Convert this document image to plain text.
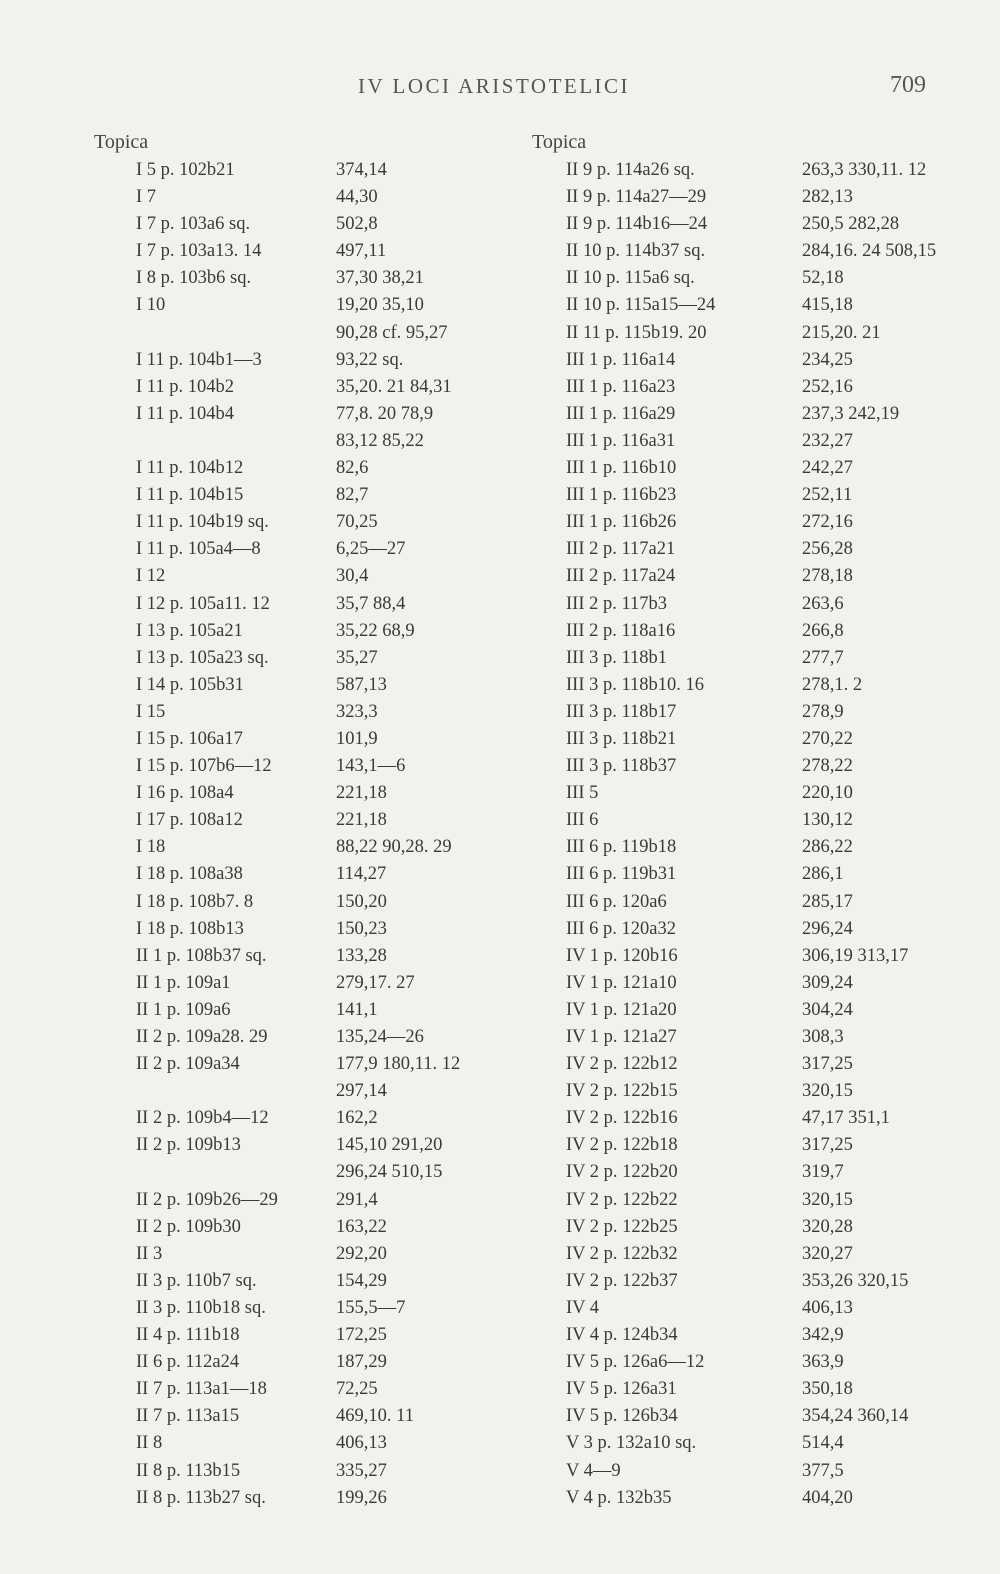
IV LOCI ARISTOTELICI	709
Topica
I 5 p. 102b21	374,14
I 7	44,30
I 7 p. 103a6 sq.	502,8
I 7 p. 103a13. 14	497,11
I 8 p. 103b6 sq.	37,30 38,21
I 10	19,20 35,10
90,28 cf. 95,27
I 11 p. 104b1—3	93,22 sq.
I 11 p. 104b2	35,20. 21 84,31
I 11 p. 104b4	77,8. 20 78,9
83,12 85,22
I 11 p. 104b12	82,6
I 11 p. 104b15	82,7
I 11 p. 104b19 sq.	70,25
I 11 p. 105a4—8	6,25—27
I 12	30,4
I 12 p. 105a11. 12	35,7 88,4
I 13 p. 105a21	35,22 68,9
I 13 p. 105a23 sq.	35,27
I 14 p. 105b31	587,13
I 15	323,3
I 15 p. 106a17	101,9
I 15 p. 107b6—12	143,1—6
I 16 p. 108a4	221,18
I 17 p. 108a12	221,18
I 18	88,22 90,28. 29
I 18 p. 108a38	114,27
I 18 p. 108b7. 8	150,20
I 18 p. 108b13	150,23
II 1 p. 108b37 sq.	133,28
II 1 p. 109a1	279,17. 27
II 1 p. 109a6	141,1
II 2 p. 109a28. 29	135,24—26
II 2 p. 109a34	177,9 180,11. 12
297,14
II 2 p. 109b4—12	162,2
II 2 p. 109b13	145,10 291,20
296,24 510,15
II 2 p. 109b26—29	291,4
II 2 p. 109b30	163,22
II 3	292,20
II 3 p. 110b7 sq.	154,29
II 3 p. 110b18 sq.	155,5—7
II 4 p. 111b18	172,25
II 6 p. 112a24	187,29
II 7 p. 113a1—18	72,25
II 7 p. 113a15	469,10. 11
II 8	406,13
II 8 p. 113b15	335,27
II 8 p. 113b27 sq.	199,26
Topica
II 9 p. 114a26 sq.	263,3 330,11. 12
II 9 p. 114a27—29	282,13
II 9 p. 114b16—24	250,5 282,28
II 10 p. 114b37 sq.	284,16. 24 508,15
II 10 p. 115a6 sq.	52,18
II 10 p. 115a15—24	415,18
II 11 p. 115b19. 20	215,20. 21
III 1 p. 116a14	234,25
III 1 p. 116a23	252,16
III 1 p. 116a29	237,3 242,19
III 1 p. 116a31	232,27
III 1 p. 116b10	242,27
III 1 p. 116b23	252,11
III 1 p. 116b26	272,16
III 2 p. 117a21	256,28
III 2 p. 117a24	278,18
III 2 p. 117b3	263,6
III 2 p. 118a16	266,8
III 3 p. 118b1	277,7
III 3 p. 118b10. 16	278,1. 2
III 3 p. 118b17	278,9
III 3 p. 118b21	270,22
III 3 p. 118b37	278,22
III 5	220,10
III 6	130,12
III 6 p. 119b18	286,22
III 6 p. 119b31	286,1
III 6 p. 120a6	285,17
III 6 p. 120a32	296,24
IV 1 p. 120b16	306,19 313,17
IV 1 p. 121a10	309,24
IV 1 p. 121a20	304,24
IV 1 p. 121a27	308,3
IV 2 p. 122b12	317,25
IV 2 p. 122b15	320,15
IV 2 p. 122b16	47,17 351,1
IV 2 p. 122b18	317,25
IV 2 p. 122b20	319,7
IV 2 p. 122b22	320,15
IV 2 p. 122b25	320,28
IV 2 p. 122b32	320,27
IV 2 p. 122b37	353,26 320,15
IV 4	406,13
IV 4 p. 124b34	342,9
IV 5 p. 126a6—12	363,9
IV 5 p. 126a31	350,18
IV 5 p. 126b34	354,24 360,14
V 3 p. 132a10 sq.	514,4
V 4—9	377,5
V 4 p. 132b35	404,20
